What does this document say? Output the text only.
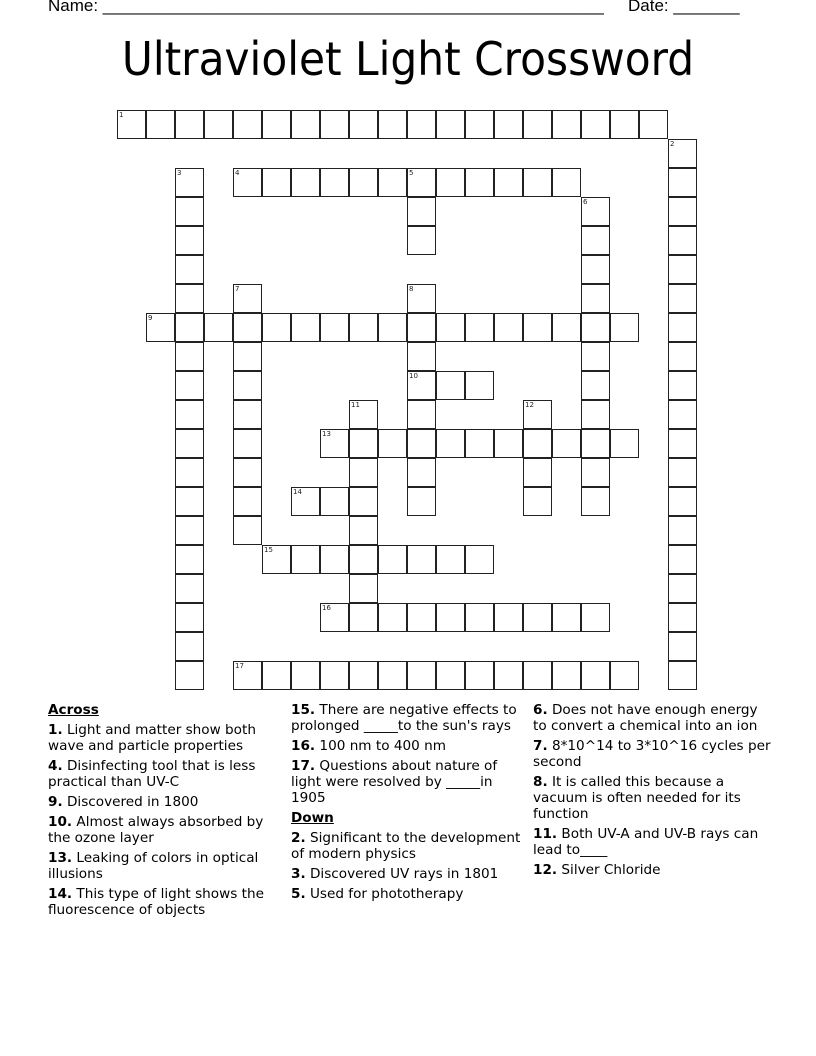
Name: _____________________________________________________ Date: _______
Ultraviolet Light Crossword
1
4	5
9
10
13
14
15
16
17
2
3
6
7	8
11	12
Across
1. Light and matter show both wave and particle properties
4. Disinfecting tool that is less practical than UV-C
9. Discovered in 1800
10. Almost always absorbed by the ozone layer
13. Leaking of colors in optical illusions
14. This type of light shows the fluorescence of objects
15. There are negative effects to prolonged _____to the sun's rays
16. 100 nm to 400 nm
17. Questions about nature of light were resolved by _____in 1905
Down
2. Significant to the development of modern physics
3. Discovered UV rays in 1801
5. Used for phototherapy
6. Does not have enough energy to convert a chemical into an ion
7. 8*10^14 to 3*10^16 cycles per second
8. It is called this because a vacuum is often needed for its function
11. Both UV-A and UV-B rays can lead to____
12. Silver Chloride
